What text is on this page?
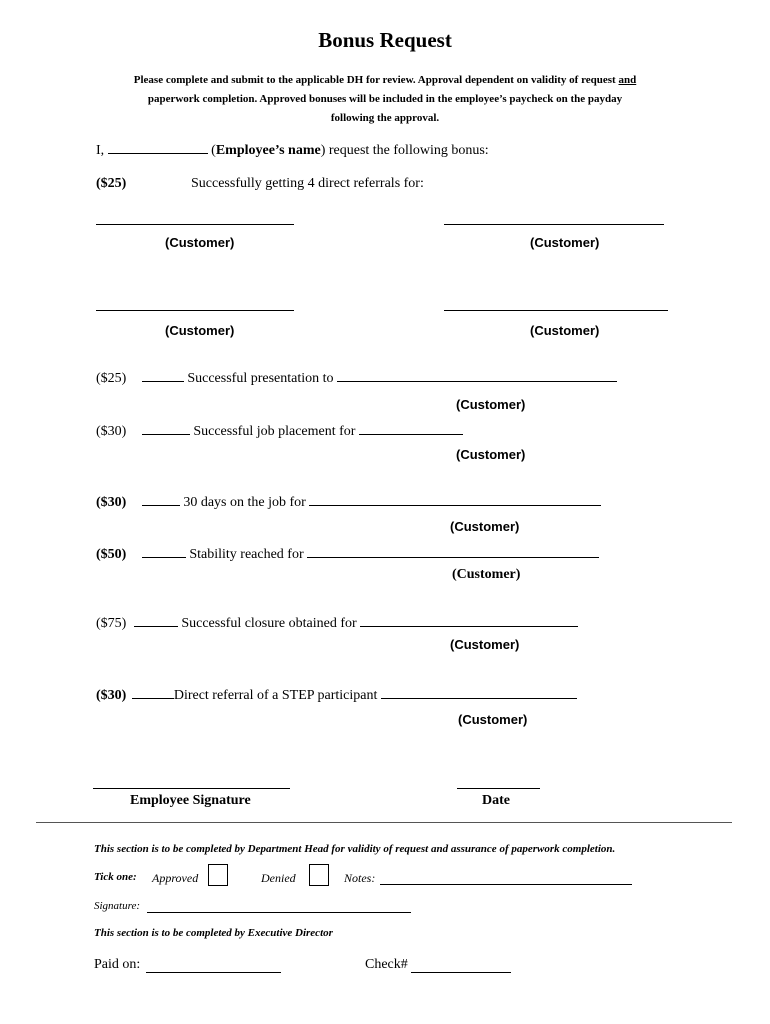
Bonus Request
Please complete and submit to the applicable DH for review. Approval dependent on validity of request and
paperwork completion. Approved bonuses will be included in the employee’s paycheck on the payday
following the approval.
I,	(Employee’s name) request the following bonus:
($25)	Successfully getting 4 direct referrals for:
(Customer)	(Customer)
(Customer)	(Customer)
($25)	Successful presentation to
(Customer)
($30)	Successful job placement for
(Customer)
($30)	30 days on the job for
(Customer)
($50)	Stability reached for
(Customer)
($75)	Successful closure obtained for
(Customer)
($30)	Direct referral of a STEP participant
(Customer)
Employee Signature	Date
This section is to be completed by Department Head for validity of request and assurance of paperwork completion.
Tick one: Approved	Denied	Notes:
Signature:
This section is to be completed by Executive Director
Paid on:	Check#
